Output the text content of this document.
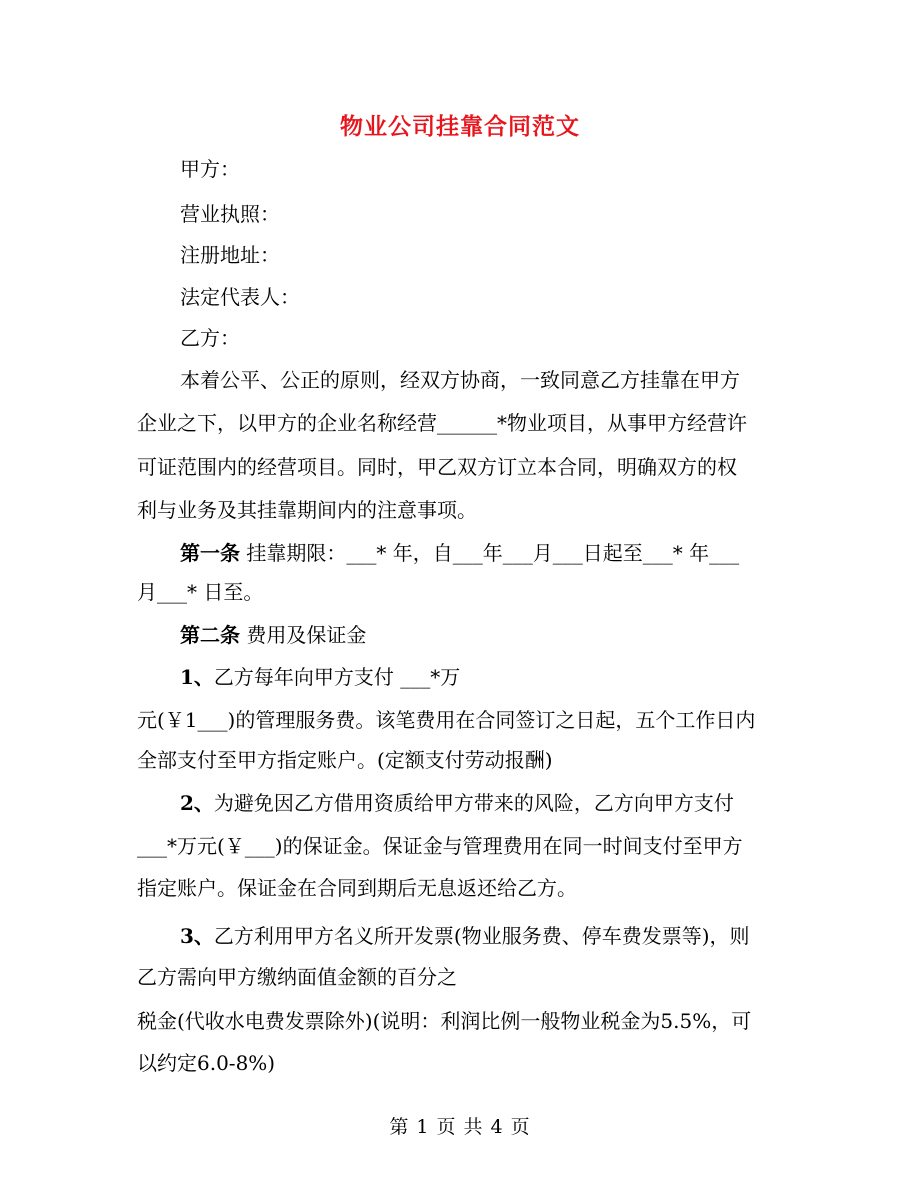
物业公司挂靠合同范文
甲方：
营业执照：
注册地址：
法定代表人：
乙方：
本着公平、公正的原则，经双方协商，一致同意乙方挂靠在甲方
企业之下，以甲方的企业名称经营______*物业项目，从事甲方经营许
可证范围内的经营项目。同时，甲乙双方订立本合同，明确双方的权
利与业务及其挂靠期间内的注意事项。
第一条 挂靠期限：___* 年，自___年___月___日起至___* 年___
月___* 日至。
第二条 费用及保证金
1、乙方每年向甲方支付 ___*万
元(￥1___)的管理服务费。该笔费用在合同签订之日起，五个工作日内
全部支付至甲方指定账户。(定额支付劳动报酬)
2、为避免因乙方借用资质给甲方带来的风险，乙方向甲方支付
___*万元(￥___)的保证金。保证金与管理费用在同一时间支付至甲方
指定账户。保证金在合同到期后无息返还给乙方。
3、乙方利用甲方名义所开发票(物业服务费、停车费发票等)，则
乙方需向甲方缴纳面值金额的百分之
税金(代收水电费发票除外)(说明：利润比例一般物业税金为5.5%，可
以约定6.0-8%)
第 1 页 共 4 页
